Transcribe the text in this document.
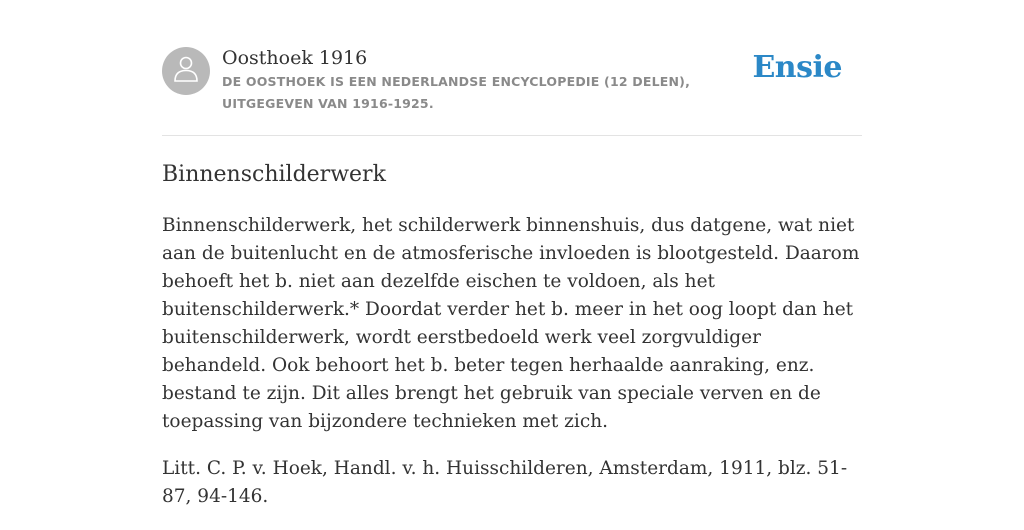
Oosthoek 1916
DE OOSTHOEK IS EEN NEDERLANDSE ENCYCLOPEDIE (12 DELEN), UITGEGEVEN VAN 1916-1925.
Ensie
Binnenschilderwerk

Binnenschilderwerk, het schilderwerk binnenshuis, dus datgene, wat niet aan de buitenlucht en de atmosferische invloeden is blootgesteld. Daarom behoeft het b. niet aan dezelfde eischen te voldoen, als het buitenschilderwerk.* Doordat verder het b. meer in het oog loopt dan het buitenschilderwerk, wordt eerstbedoeld werk veel zorgvuldiger behandeld. Ook behoort het b. beter tegen herhaalde aanraking, enz. bestand te zijn. Dit alles brengt het gebruik van speciale verven en de toepassing van bijzondere technieken met zich.

Litt. C. P. v. Hoek, Handl. v. h. Huisschilderen, Amsterdam, 1911, blz. 51-87, 94-146.
